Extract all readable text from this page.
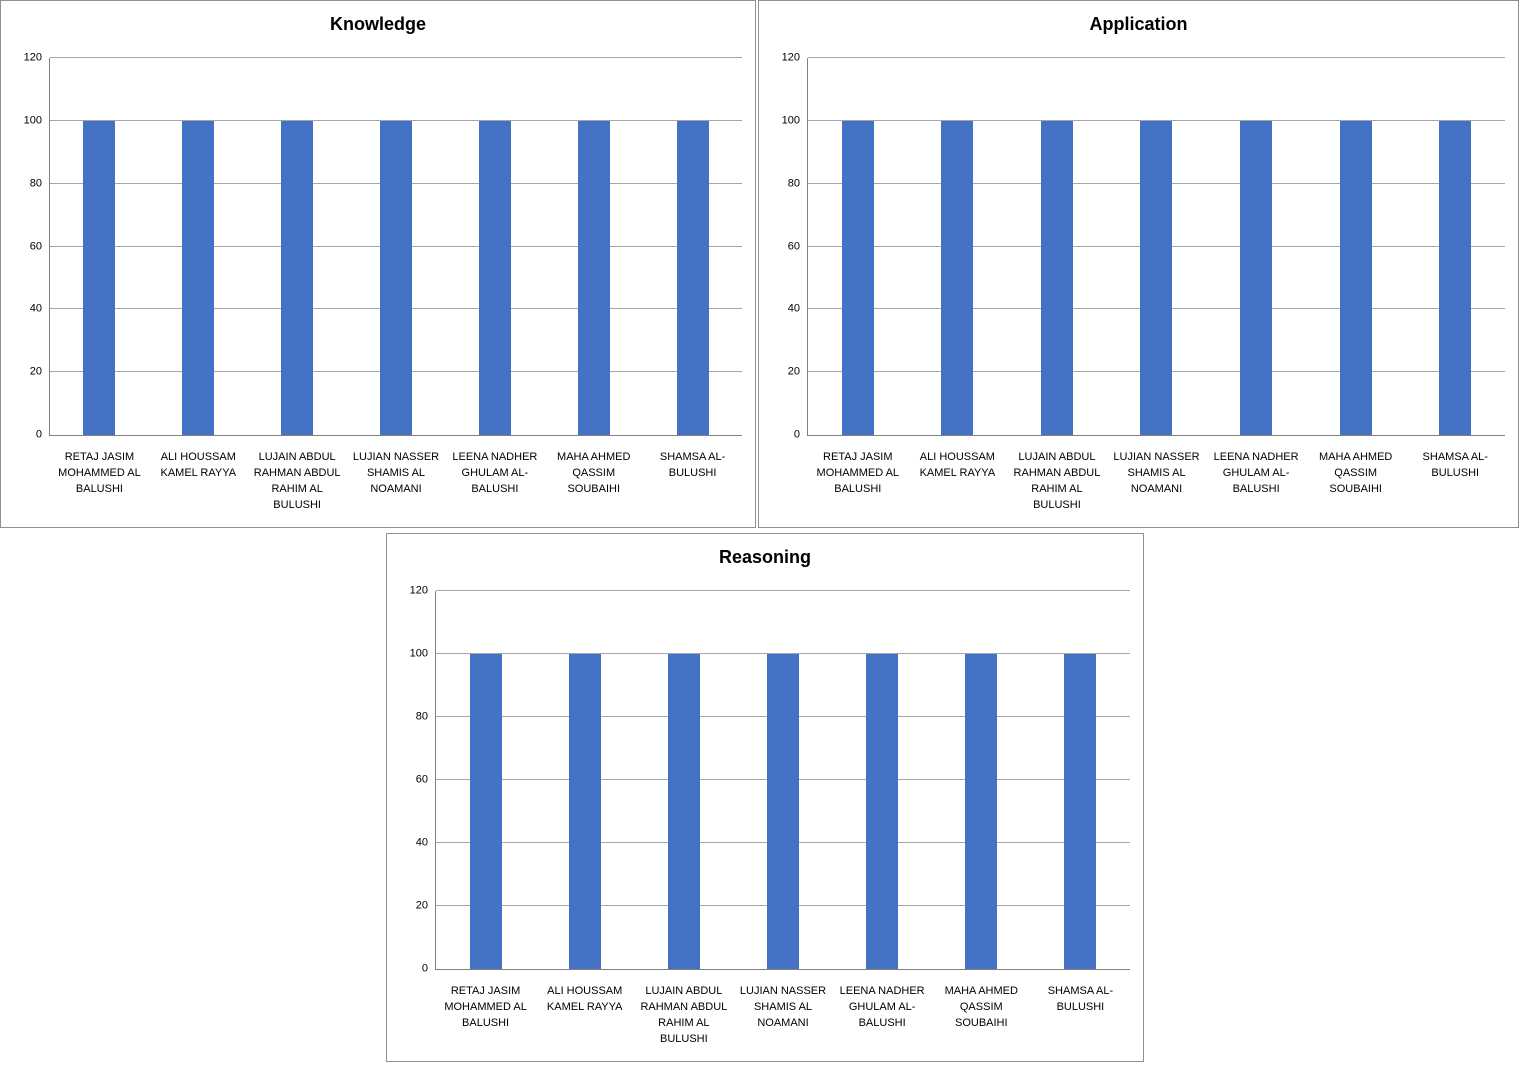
Knowledge
0
20
40
60
80
100
120
RETAJ JASIM MOHAMMED AL BALUSHI
ALI HOUSSAM KAMEL RAYYA
LUJAIN ABDUL RAHMAN ABDUL RAHIM AL BULUSHI
LUJIAN NASSER SHAMIS AL NOAMANI
LEENA NADHER GHULAM AL-BALUSHI
MAHA AHMED QASSIM SOUBAIHI
SHAMSA AL-BULUSHI
Application
0
20
40
60
80
100
120
RETAJ JASIM MOHAMMED AL BALUSHI
ALI HOUSSAM KAMEL RAYYA
LUJAIN ABDUL RAHMAN ABDUL RAHIM AL BULUSHI
LUJIAN NASSER SHAMIS AL NOAMANI
LEENA NADHER GHULAM AL-BALUSHI
MAHA AHMED QASSIM SOUBAIHI
SHAMSA AL-BULUSHI
Reasoning
0
20
40
60
80
100
120
RETAJ JASIM MOHAMMED AL BALUSHI
ALI HOUSSAM KAMEL RAYYA
LUJAIN ABDUL RAHMAN ABDUL RAHIM AL BULUSHI
LUJIAN NASSER SHAMIS AL NOAMANI
LEENA NADHER GHULAM AL-BALUSHI
MAHA AHMED QASSIM SOUBAIHI
SHAMSA AL-BULUSHI
